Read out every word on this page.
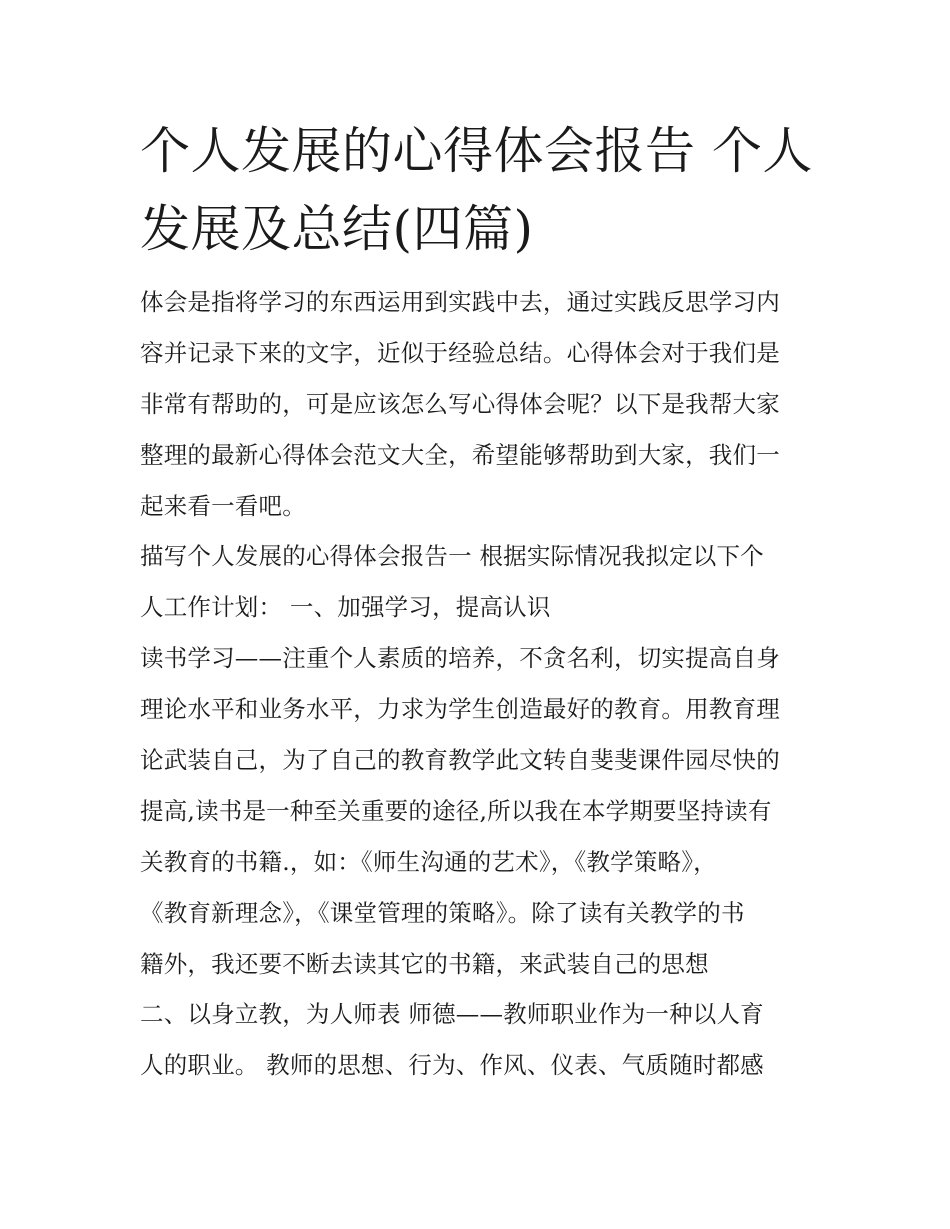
个人发展的心得体会报告 个人
发展及总结(四篇)
体会是指将学习的东西运用到实践中去，通过实践反思学习内
容并记录下来的文字，近似于经验总结。心得体会对于我们是
非常有帮助的，可是应该怎么写心得体会呢？以下是我帮大家
整理的最新心得体会范文大全，希望能够帮助到大家，我们一
起来看一看吧。
描写个人发展的心得体会报告一 根据实际情况我拟定以下个
人工作计划： 一、加强学习，提高认识
读书学习——注重个人素质的培养，不贪名利，切实提高自身
理论水平和业务水平，力求为学生创造最好的教育。用教育理
论武装自己，为了自己的教育教学此文转自斐斐课件园尽快的
提高,读书是一种至关重要的途径,所以我在本学期要坚持读有
关教育的书籍.，如：《师生沟通的艺术》，《教学策略》，
《教育新理念》，《课堂管理的策略》。除了读有关教学的书
籍外，我还要不断去读其它的书籍，来武装自己的思想
二、以身立教，为人师表 师德——教师职业作为一种以人育
人的职业。 教师的思想、行为、作风、仪表、气质随时都感
